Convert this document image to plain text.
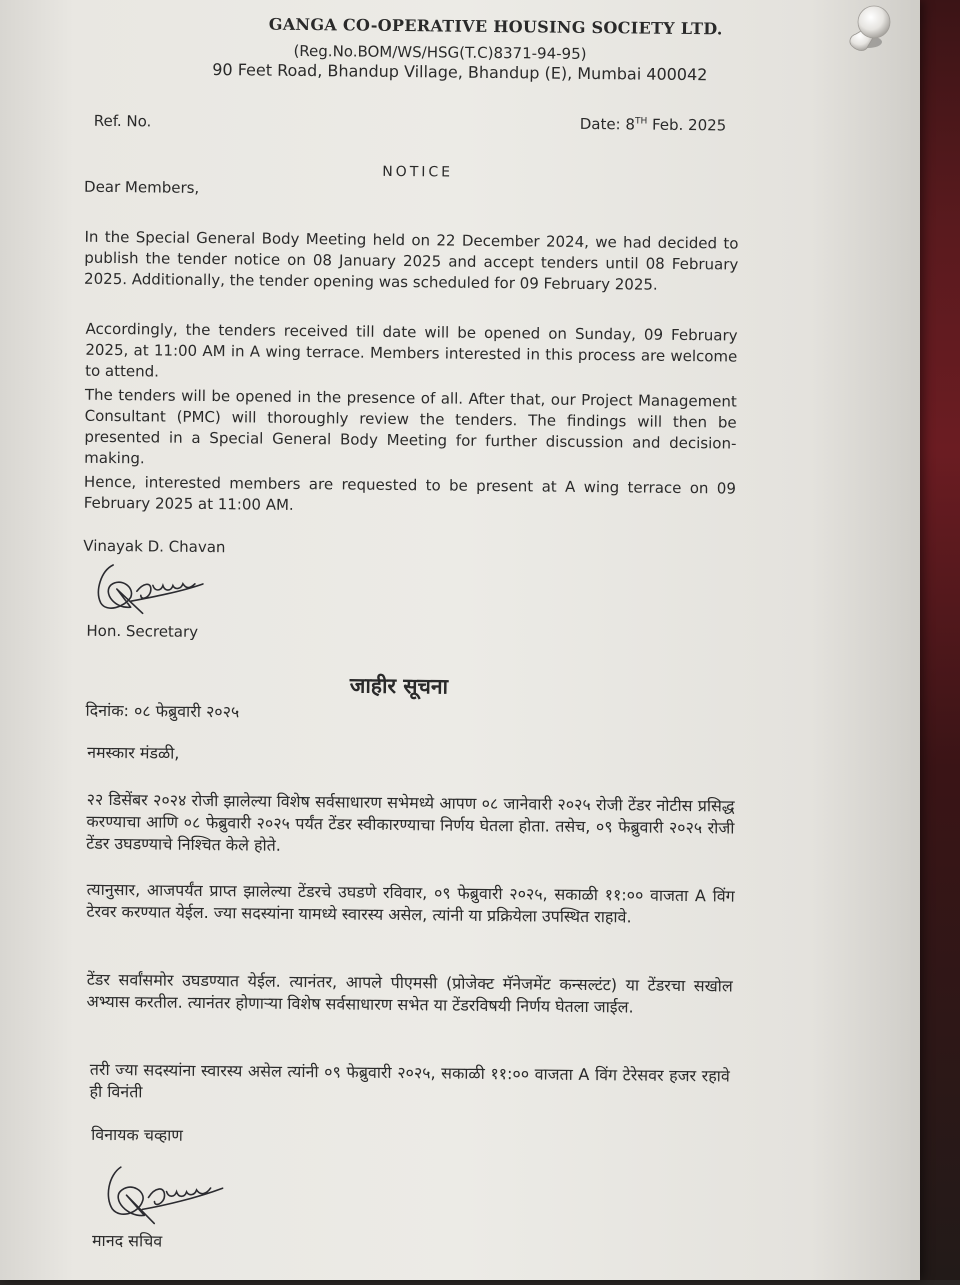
GANGA CO-OPERATIVE HOUSING SOCIETY LTD.
(Reg.No.BOM/WS/HSG(T.C)8371-94-95)
90 Feet Road, Bhandup Village, Bhandup (E), Mumbai 400042
Ref. No.	Date: 8TH Feb. 2025
NOTICE
Dear Members,
In the Special General Body Meeting held on 22 December 2024, we had decided to publish the tender notice on 08 January 2025 and accept tenders until 08 February 2025. Additionally, the tender opening was scheduled for 09 February 2025.
Accordingly, the tenders received till date will be opened on Sunday, 09 February 2025, at 11:00 AM in A wing terrace. Members interested in this process are welcome to attend.
The tenders will be opened in the presence of all. After that, our Project Management Consultant (PMC) will thoroughly review the tenders. The findings will then be presented in a Special General Body Meeting for further discussion and decision-making.
Hence, interested members are requested to be present at A wing terrace on 09 February 2025 at 11:00 AM.
Vinayak D. Chavan
Hon. Secretary
जाहीर सूचना
दिनांक: ०८ फेब्रुवारी २०२५
नमस्कार मंडळी,
२२ डिसेंबर २०२४ रोजी झालेल्या विशेष सर्वसाधारण सभेमध्ये आपण ०८ जानेवारी २०२५ रोजी टेंडर नोटीस प्रसिद्ध करण्याचा आणि ०८ फेब्रुवारी २०२५ पर्यंत टेंडर स्वीकारण्याचा निर्णय घेतला होता. तसेच, ०९ फेब्रुवारी २०२५ रोजी टेंडर उघडण्याचे निश्चित केले होते.
त्यानुसार, आजपर्यंत प्राप्त झालेल्या टेंडरचे उघडणे रविवार, ०९ फेब्रुवारी २०२५, सकाळी ११:०० वाजता A विंग टेरवर करण्यात येईल. ज्या सदस्यांना यामध्ये स्वारस्य असेल, त्यांनी या प्रक्रियेला उपस्थित राहावे.
टेंडर सर्वांसमोर उघडण्यात येईल. त्यानंतर, आपले पीएमसी (प्रोजेक्ट मॅनेजमेंट कन्सल्टंट) या टेंडरचा सखोल अभ्यास करतील. त्यानंतर होणाऱ्या विशेष सर्वसाधारण सभेत या टेंडरविषयी निर्णय घेतला जाईल.
तरी ज्या सदस्यांना स्वारस्य असेल त्यांनी ०९ फेब्रुवारी २०२५, सकाळी ११:०० वाजता A विंग टेरेसवर हजर रहावे ही विनंती
विनायक चव्हाण
मानद सचिव
